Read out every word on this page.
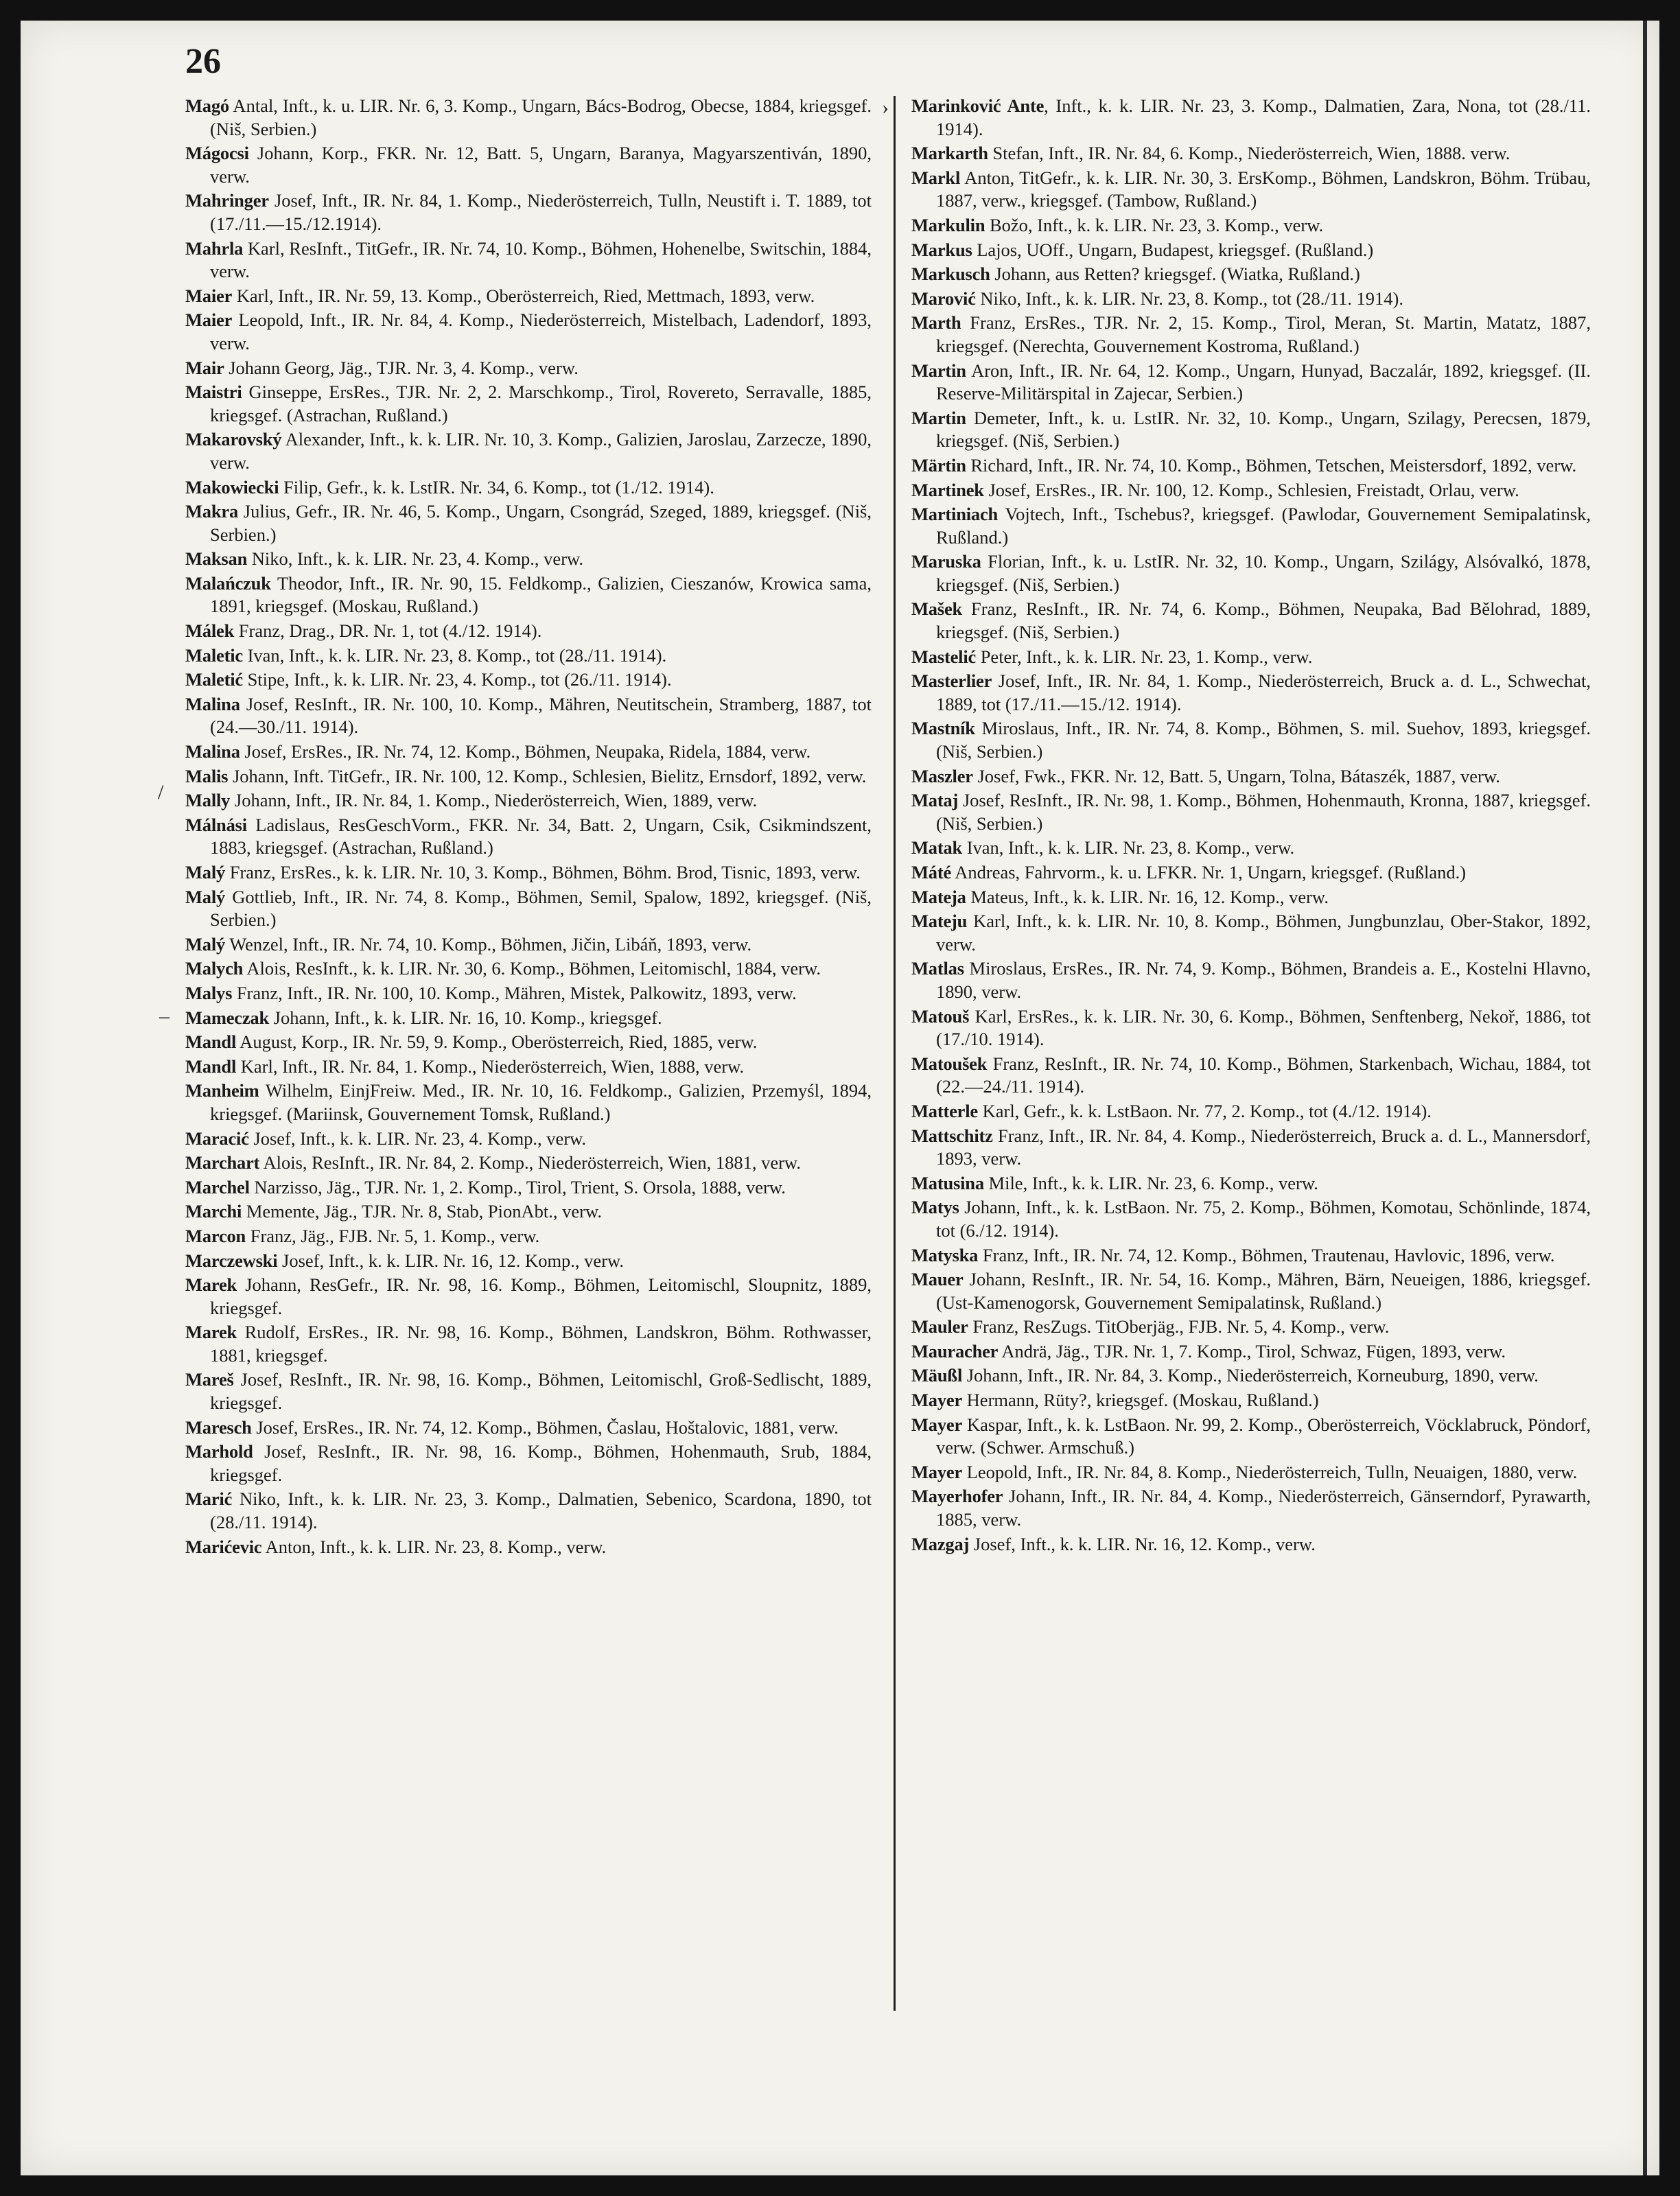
26
Magó Antal, Inft., k. u. LIR. Nr. 6, 3. Komp., Ungarn, Bács-Bodrog, Obecse, 1884, kriegsgef. (Niš, Serbien.)
Mágocsi Johann, Korp., FKR. Nr. 12, Batt. 5, Ungarn, Baranya, Magyarszentiván, 1890, verw.
Mahringer Josef, Inft., IR. Nr. 84, 1. Komp., Niederösterreich, Tulln, Neustift i. T. 1889, tot (17./11.—15./12.1914).
Mahrla Karl, ResInft., TitGefr., IR. Nr. 74, 10. Komp., Böhmen, Hohenelbe, Switschin, 1884, verw.
Maier Karl, Inft., IR. Nr. 59, 13. Komp., Oberösterreich, Ried, Mettmach, 1893, verw.
Maier Leopold, Inft., IR. Nr. 84, 4. Komp., Niederösterreich, Mistelbach, Ladendorf, 1893, verw.
Mair Johann Georg, Jäg., TJR. Nr. 3, 4. Komp., verw.
Maistri Ginseppe, ErsRes., TJR. Nr. 2, 2. Marschkomp., Tirol, Rovereto, Serravalle, 1885, kriegsgef. (Astrachan, Rußland.)
Makarovský Alexander, Inft., k. k. LIR. Nr. 10, 3. Komp., Galizien, Jaroslau, Zarzecze, 1890, verw.
Makowiecki Filip, Gefr., k. k. LstIR. Nr. 34, 6. Komp., tot (1./12. 1914).
Makra Julius, Gefr., IR. Nr. 46, 5. Komp., Ungarn, Csongrád, Szeged, 1889, kriegsgef. (Niš, Serbien.)
Maksan Niko, Inft., k. k. LIR. Nr. 23, 4. Komp., verw.
Malańczuk Theodor, Inft., IR. Nr. 90, 15. Feldkomp., Galizien, Cieszanów, Krowica sama, 1891, kriegsgef. (Moskau, Rußland.)
Málek Franz, Drag., DR. Nr. 1, tot (4./12. 1914).
Maletic Ivan, Inft., k. k. LIR. Nr. 23, 8. Komp., tot (28./11. 1914).
Maletić Stipe, Inft., k. k. LIR. Nr. 23, 4. Komp., tot (26./11. 1914).
Malina Josef, ResInft., IR. Nr. 100, 10. Komp., Mähren, Neutitschein, Stramberg, 1887, tot (24.—30./11. 1914).
Malina Josef, ErsRes., IR. Nr. 74, 12. Komp., Böhmen, Neupaka, Ridela, 1884, verw.
Malis Johann, Inft. TitGefr., IR. Nr. 100, 12. Komp., Schlesien, Bielitz, Ernsdorf, 1892, verw.
Mally Johann, Inft., IR. Nr. 84, 1. Komp., Niederösterreich, Wien, 1889, verw.
Málnási Ladislaus, ResGeschVorm., FKR. Nr. 34, Batt. 2, Ungarn, Csik, Csikmindszent, 1883, kriegsgef. (Astrachan, Rußland.)
Malý Franz, ErsRes., k. k. LIR. Nr. 10, 3. Komp., Böhmen, Böhm. Brod, Tisnic, 1893, verw.
Malý Gottlieb, Inft., IR. Nr. 74, 8. Komp., Böhmen, Semil, Spalow, 1892, kriegsgef. (Niš, Serbien.)
Malý Wenzel, Inft., IR. Nr. 74, 10. Komp., Böhmen, Jičin, Libáň, 1893, verw.
Malych Alois, ResInft., k. k. LIR. Nr. 30, 6. Komp., Böhmen, Leitomischl, 1884, verw.
Malys Franz, Inft., IR. Nr. 100, 10. Komp., Mähren, Mistek, Palkowitz, 1893, verw.
Mameczak Johann, Inft., k. k. LIR. Nr. 16, 10. Komp., kriegsgef.
Mandl August, Korp., IR. Nr. 59, 9. Komp., Oberösterreich, Ried, 1885, verw.
Mandl Karl, Inft., IR. Nr. 84, 1. Komp., Niederösterreich, Wien, 1888, verw.
Manheim Wilhelm, EinjFreiw. Med., IR. Nr. 10, 16. Feldkomp., Galizien, Przemyśl, 1894, kriegsgef. (Mariinsk, Gouvernement Tomsk, Rußland.)
Maracić Josef, Inft., k. k. LIR. Nr. 23, 4. Komp., verw.
Marchart Alois, ResInft., IR. Nr. 84, 2. Komp., Niederösterreich, Wien, 1881, verw.
Marchel Narzisso, Jäg., TJR. Nr. 1, 2. Komp., Tirol, Trient, S. Orsola, 1888, verw.
Marchi Memente, Jäg., TJR. Nr. 8, Stab, PionAbt., verw.
Marcon Franz, Jäg., FJB. Nr. 5, 1. Komp., verw.
Marczewski Josef, Inft., k. k. LIR. Nr. 16, 12. Komp., verw.
Marek Johann, ResGefr., IR. Nr. 98, 16. Komp., Böhmen, Leitomischl, Sloupnitz, 1889, kriegsgef.
Marek Rudolf, ErsRes., IR. Nr. 98, 16. Komp., Böhmen, Landskron, Böhm. Rothwasser, 1881, kriegsgef.
Mareš Josef, ResInft., IR. Nr. 98, 16. Komp., Böhmen, Leitomischl, Groß-Sedlischt, 1889, kriegsgef.
Maresch Josef, ErsRes., IR. Nr. 74, 12. Komp., Böhmen, Časlau, Hoštalovic, 1881, verw.
Marhold Josef, ResInft., IR. Nr. 98, 16. Komp., Böhmen, Hohenmauth, Srub, 1884, kriegsgef.
Marić Niko, Inft., k. k. LIR. Nr. 23, 3. Komp., Dalmatien, Sebenico, Scardona, 1890, tot (28./11. 1914).
Marićevic Anton, Inft., k. k. LIR. Nr. 23, 8. Komp., verw.
Marinković Ante, Inft., k. k. LIR. Nr. 23, 3. Komp., Dalmatien, Zara, Nona, tot (28./11. 1914).
Markarth Stefan, Inft., IR. Nr. 84, 6. Komp., Niederösterreich, Wien, 1888. verw.
Markl Anton, TitGefr., k. k. LIR. Nr. 30, 3. ErsKomp., Böhmen, Landskron, Böhm. Trübau, 1887, verw., kriegsgef. (Tambow, Rußland.)
Markulin Božo, Inft., k. k. LIR. Nr. 23, 3. Komp., verw.
Markus Lajos, UOff., Ungarn, Budapest, kriegsgef. (Rußland.)
Markusch Johann, aus Retten? kriegsgef. (Wiatka, Rußland.)
Marović Niko, Inft., k. k. LIR. Nr. 23, 8. Komp., tot (28./11. 1914).
Marth Franz, ErsRes., TJR. Nr. 2, 15. Komp., Tirol, Meran, St. Martin, Matatz, 1887, kriegsgef. (Nerechta, Gouvernement Kostroma, Rußland.)
Martin Aron, Inft., IR. Nr. 64, 12. Komp., Ungarn, Hunyad, Baczalár, 1892, kriegsgef. (II. Reserve-Militärspital in Zajecar, Serbien.)
Martin Demeter, Inft., k. u. LstIR. Nr. 32, 10. Komp., Ungarn, Szilagy, Perecsen, 1879, kriegsgef. (Niš, Serbien.)
Märtin Richard, Inft., IR. Nr. 74, 10. Komp., Böhmen, Tetschen, Meistersdorf, 1892, verw.
Martinek Josef, ErsRes., IR. Nr. 100, 12. Komp., Schlesien, Freistadt, Orlau, verw.
Martiniach Vojtech, Inft., Tschebus?, kriegsgef. (Pawlodar, Gouvernement Semipalatinsk, Rußland.)
Maruska Florian, Inft., k. u. LstIR. Nr. 32, 10. Komp., Ungarn, Szilágy, Alsóvalkó, 1878, kriegsgef. (Niš, Serbien.)
Mašek Franz, ResInft., IR. Nr. 74, 6. Komp., Böhmen, Neupaka, Bad Bělohrad, 1889, kriegsgef. (Niš, Serbien.)
Mastelić Peter, Inft., k. k. LIR. Nr. 23, 1. Komp., verw.
Masterlier Josef, Inft., IR. Nr. 84, 1. Komp., Niederösterreich, Bruck a. d. L., Schwechat, 1889, tot (17./11.—15./12. 1914).
Mastník Miroslaus, Inft., IR. Nr. 74, 8. Komp., Böhmen, S. mil. Suehov, 1893, kriegsgef. (Niš, Serbien.)
Maszler Josef, Fwk., FKR. Nr. 12, Batt. 5, Ungarn, Tolna, Bátaszék, 1887, verw.
Mataj Josef, ResInft., IR. Nr. 98, 1. Komp., Böhmen, Hohenmauth, Kronna, 1887, kriegsgef. (Niš, Serbien.)
Matak Ivan, Inft., k. k. LIR. Nr. 23, 8. Komp., verw.
Máté Andreas, Fahrvorm., k. u. LFKR. Nr. 1, Ungarn, kriegsgef. (Rußland.)
Mateja Mateus, Inft., k. k. LIR. Nr. 16, 12. Komp., verw.
Mateju Karl, Inft., k. k. LIR. Nr. 10, 8. Komp., Böhmen, Jungbunzlau, Ober-Stakor, 1892, verw.
Matlas Miroslaus, ErsRes., IR. Nr. 74, 9. Komp., Böhmen, Brandeis a. E., Kostelni Hlavno, 1890, verw.
Matouš Karl, ErsRes., k. k. LIR. Nr. 30, 6. Komp., Böhmen, Senftenberg, Nekoř, 1886, tot (17./10. 1914).
Matoušek Franz, ResInft., IR. Nr. 74, 10. Komp., Böhmen, Starkenbach, Wichau, 1884, tot (22.—24./11. 1914).
Matterle Karl, Gefr., k. k. LstBaon. Nr. 77, 2. Komp., tot (4./12. 1914).
Mattschitz Franz, Inft., IR. Nr. 84, 4. Komp., Niederösterreich, Bruck a. d. L., Mannersdorf, 1893, verw.
Matusina Mile, Inft., k. k. LIR. Nr. 23, 6. Komp., verw.
Matys Johann, Inft., k. k. LstBaon. Nr. 75, 2. Komp., Böhmen, Komotau, Schönlinde, 1874, tot (6./12. 1914).
Matyska Franz, Inft., IR. Nr. 74, 12. Komp., Böhmen, Trautenau, Havlovic, 1896, verw.
Mauer Johann, ResInft., IR. Nr. 54, 16. Komp., Mähren, Bärn, Neueigen, 1886, kriegsgef. (Ust-Kamenogorsk, Gouvernement Semipalatinsk, Rußland.)
Mauler Franz, ResZugs. TitOberjäg., FJB. Nr. 5, 4. Komp., verw.
Mauracher Andrä, Jäg., TJR. Nr. 1, 7. Komp., Tirol, Schwaz, Fügen, 1893, verw.
Mäußl Johann, Inft., IR. Nr. 84, 3. Komp., Niederösterreich, Korneuburg, 1890, verw.
Mayer Hermann, Rüty?, kriegsgef. (Moskau, Rußland.)
Mayer Kaspar, Inft., k. k. LstBaon. Nr. 99, 2. Komp., Oberösterreich, Vöcklabruck, Pöndorf, verw. (Schwer. Armschuß.)
Mayer Leopold, Inft., IR. Nr. 84, 8. Komp., Niederösterreich, Tulln, Neuaigen, 1880, verw.
Mayerhofer Johann, Inft., IR. Nr. 84, 4. Komp., Niederösterreich, Gänserndorf, Pyrawarth, 1885, verw.
Mazgaj Josef, Inft., k. k. LIR. Nr. 16, 12. Komp., verw.
/
‒
›
